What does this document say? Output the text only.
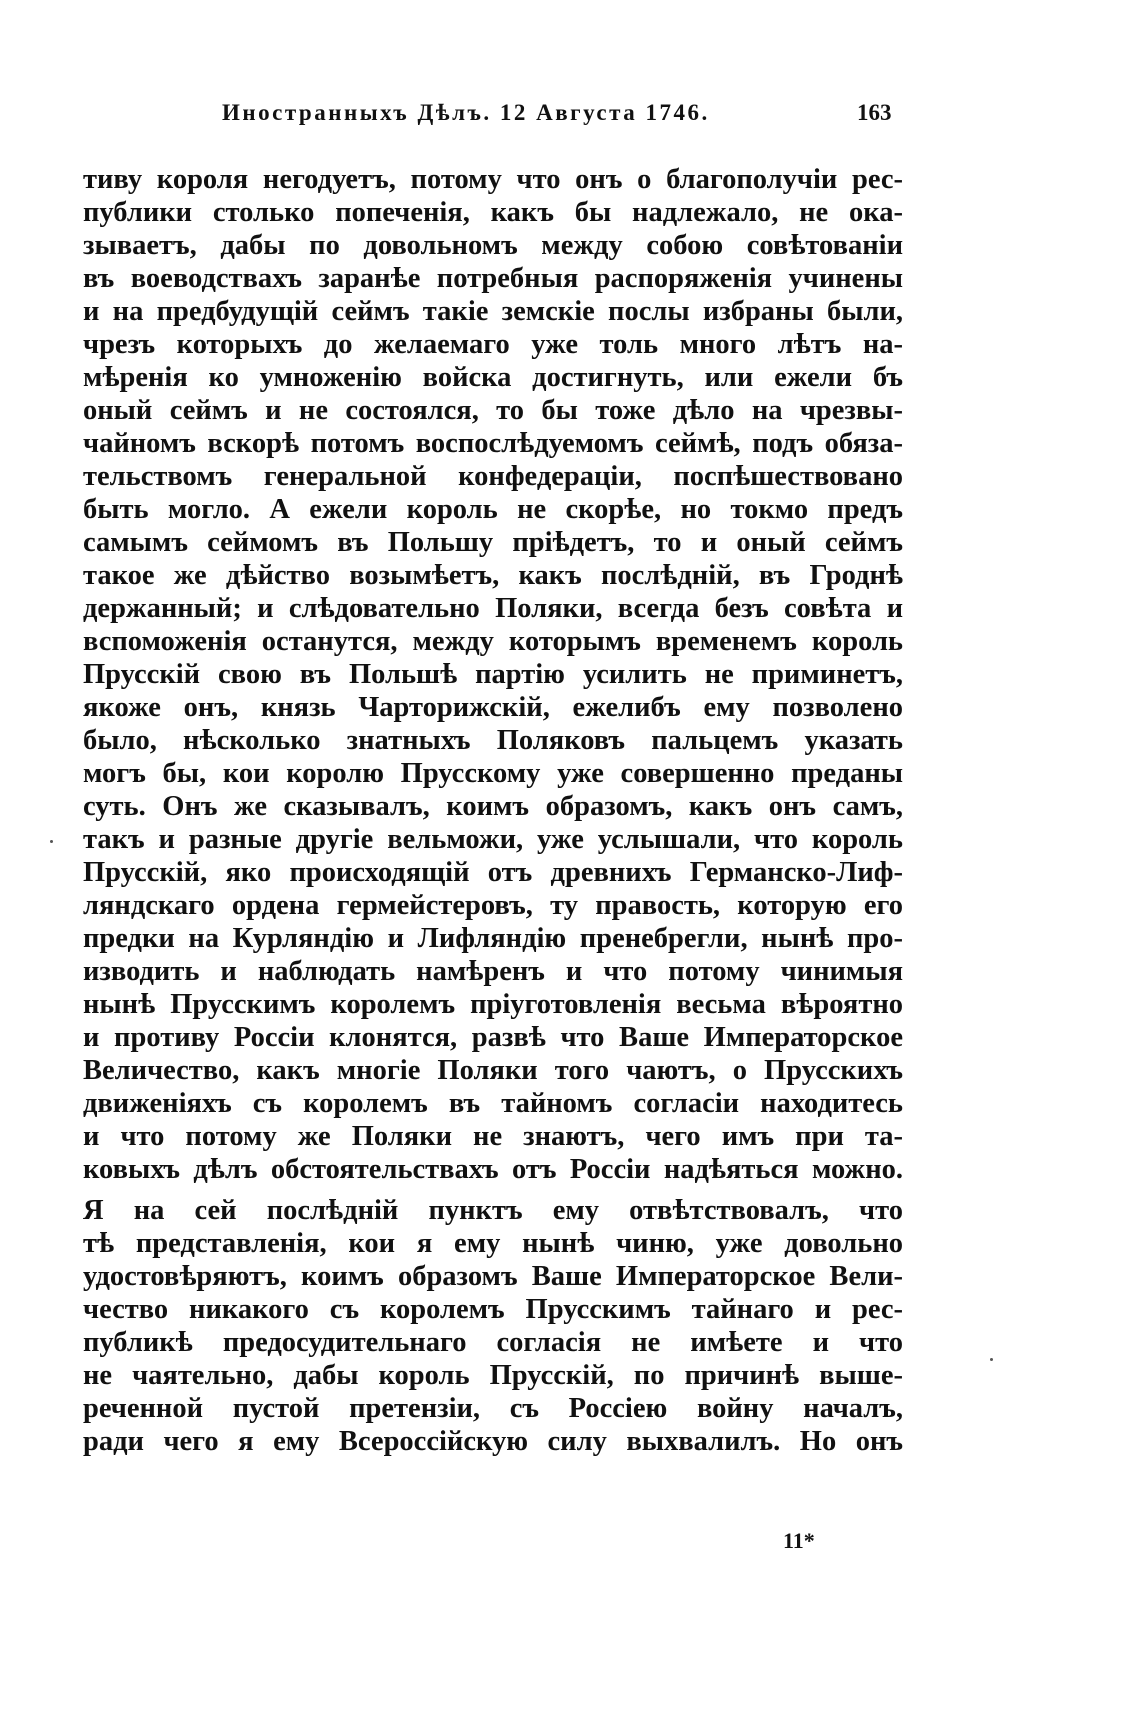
Иностранныхъ Дѣлъ. 12 Августа 1746.	163
тиву короля негодуетъ, потому что онъ о благополучіи рес-
публики столько попеченія, какъ бы надлежало, не ока-
зываетъ, дабы по довольномъ между собою совѣтованіи
въ воеводствахъ заранѣе потребныя распоряженія учинены
и на предбудущій сеймъ такіе земскіе послы избраны были,
чрезъ которыхъ до желаемаго уже толь много лѣтъ на-
мѣренія ко умноженію войска достигнуть, или ежели бъ
оный сеймъ и не состоялся, то бы тоже дѣло на чрезвы-
чайномъ вскорѣ потомъ воспослѣдуемомъ сеймѣ, подъ обяза-
тельствомъ генеральной конфедераціи, поспѣшествовано
быть могло. А ежели король не скорѣе, но токмо предъ
самымъ сеймомъ въ Польшу пріѣдетъ, то и оный сеймъ
такое же дѣйство возымѣетъ, какъ послѣдній, въ Гроднѣ
держанный; и слѣдовательно Поляки, всегда безъ совѣта и
вспоможенія останутся, между которымъ временемъ король
Прусскій свою въ Польшѣ партію усилить не приминетъ,
якоже онъ, князь Чарторижскій, ежелибъ ему позволено
было, нѣсколько знатныхъ Поляковъ пальцемъ указать
могъ бы, кои королю Прусскому уже совершенно преданы
суть. Онъ же сказывалъ, коимъ образомъ, какъ онъ самъ,
такъ и разные другіе вельможи, уже услышали, что король
Прусскій, яко происходящій отъ древнихъ Германско-Лиф-
ляндскаго ордена гермейстеровъ, ту правость, которую его
предки на Курляндію и Лифляндію пренебрегли, нынѣ про-
изводить и наблюдать намѣренъ и что потому чинимыя
нынѣ Прусскимъ королемъ пріуготовленія весьма вѣроятно
и противу Россіи клонятся, развѣ что Ваше Императорское
Величество, какъ многіе Поляки того чаютъ, о Прусскихъ
движеніяхъ съ королемъ въ тайномъ согласіи находитесь
и что потому же Поляки не знаютъ, чего имъ при та-
ковыхъ дѣлъ обстоятельствахъ отъ Россіи надѣяться можно.
Я на сей послѣдній пунктъ ему отвѣтствовалъ, что
тѣ представленія, кои я ему нынѣ чиню, уже довольно
удостовѣряютъ, коимъ образомъ Ваше Императорское Вели-
чество никакого съ королемъ Прусскимъ тайнаго и рес-
публикѣ предосудительнаго согласія не имѣете и что
не чаятельно, дабы король Прусскій, по причинѣ выше-
реченной пустой претензіи, съ Россіею войну началъ,
ради чего я ему Всероссійскую силу выхвалилъ. Но онъ
11*
